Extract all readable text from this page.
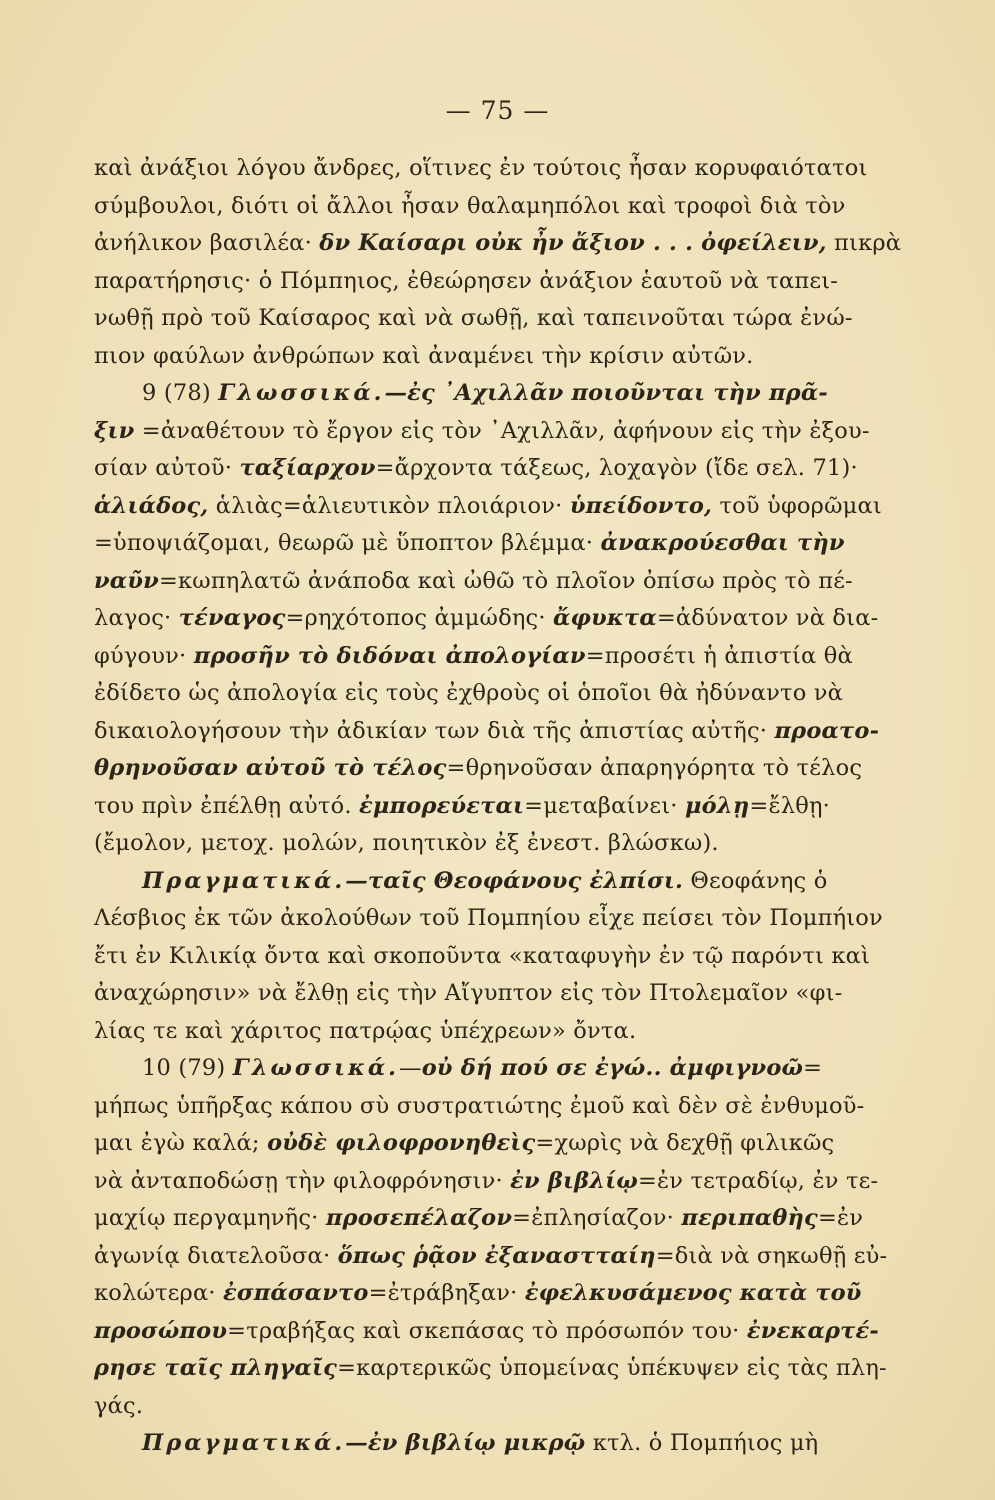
— 75 —
καὶ ἀνάξιοι λόγου ἄνδρες, οἵτινες ἐν τούτοις ἦσαν κορυφαιότατοι
σύμβουλοι, διότι οἱ ἄλλοι ἦσαν θαλαμηπόλοι καὶ τροφοὶ διὰ τὸν
ἀνήλικον βασιλέα· δν Καίσαρι οὐκ ἦν ἄξιον . . . ὀφείλειν, πικρὰ
παρατήρησις· ὁ Πόμπηιος, ἐθεώρησεν ἀνάξιον ἑαυτοῦ νὰ ταπει-
νωθῇ πρὸ τοῦ Καίσαρος καὶ νὰ σωθῇ, καὶ ταπεινοῦται τώρα ἐνώ-
πιον φαύλων ἀνθρώπων καὶ ἀναμένει τὴν κρίσιν αὐτῶν.
9 (78) Γλωσσικά.—ἐς ᾿Αχιλλᾶν ποιοῦνται τὴν πρᾶ-
ξιν =ἀναθέτουν τὸ ἔργον εἰς τὸν ᾿Αχιλλᾶν, ἀφήνουν εἰς τὴν ἐξου-
σίαν αὐτοῦ· ταξίαρχον=ἄρχοντα τάξεως, λοχαγὸν (ἴδε σελ. 71)·
ἁλιάδος, ἁλιὰς=ἁλιευτικὸν πλοιάριον· ὑπείδοντο, τοῦ ὑφορῶμαι
=ὑποψιάζομαι, θεωρῶ μὲ ὕποπτον βλέμμα· ἀνακρούεσθαι τὴν
ναῦν=κωπηλατῶ ἀνάποδα καὶ ὠθῶ τὸ πλοῖον ὀπίσω πρὸς τὸ πέ-
λαγος· τέναγος=ρηχότοπος ἀμμώδης· ἄφυκτα=ἀδύνατον νὰ δια-
φύγουν· προσῆν τὸ διδόναι ἀπολογίαν=προσέτι ἡ ἀπιστία θὰ
ἐδίδετο ὡς ἀπολογία εἰς τοὺς ἐχθροὺς οἱ ὁποῖοι θὰ ἠδύναντο νὰ
δικαιολογήσουν τὴν ἀδικίαν των διὰ τῆς ἀπιστίας αὐτῆς· προατο-
θρηνοῦσαν αὐτοῦ τὸ τέλος=θρηνοῦσαν ἀπαρηγόρητα τὸ τέλος
του πρὶν ἐπέλθῃ αὐτό. ἐμπορεύεται=μεταβαίνει· μόλῃ=ἔλθῃ·
(ἔμολον, μετοχ. μολών, ποιητικὸν ἐξ ἐνεστ. βλώσκω).
Πραγματικά.—ταῖς Θεοφάνους ἐλπίσι. Θεοφάνης ὁ
Λέσβιος ἐκ τῶν ἀκολούθων τοῦ Πομπηίου εἶχε πείσει τὸν Πομπήιον
ἔτι ἐν Κιλικίᾳ ὄντα καὶ σκοποῦντα «καταφυγὴν ἐν τῷ παρόντι καὶ
ἀναχώρησιν» νὰ ἔλθῃ εἰς τὴν Αἴγυπτον εἰς τὸν Πτολεμαῖον «φι-
λίας τε καὶ χάριτος πατρῴας ὑπέχρεων» ὄντα.
10 (79) Γλωσσικά.—οὐ δή πού σε ἐγώ.. ἀμφιγνοῶ=
μήπως ὑπῆρξας κάπου σὺ συστρατιώτης ἐμοῦ καὶ δὲν σὲ ἐνθυμοῦ-
μαι ἐγὼ καλά; οὐδὲ φιλοφρονηθεὶς=χωρὶς νὰ δεχθῇ φιλικῶς
νὰ ἀνταποδώσῃ τὴν φιλοφρόνησιν· ἐν βιβλίῳ=ἐν τετραδίῳ, ἐν τε-
μαχίῳ περγαμηνῆς· προσεπέλαζον=ἐπλησίαζον· περιπαθὴς=ἐν
ἀγωνίᾳ διατελοῦσα· ὅπως ῥᾷον ἐξαναστταίη=διὰ νὰ σηκωθῇ εὐ-
κολώτερα· ἐσπάσαντο=ἐτράβηξαν· ἐφελκυσάμενος κατὰ τοῦ
προσώπου=τραβήξας καὶ σκεπάσας τὸ πρόσωπόν του· ἐνεκαρτέ-
ρησε ταῖς πληγαῖς=καρτερικῶς ὑπομείνας ὑπέκυψεν εἰς τὰς πλη-
γάς.
Πραγματικά.—ἐν βιβλίῳ μικρῷ κτλ. ὁ Πομπήιος μὴ
